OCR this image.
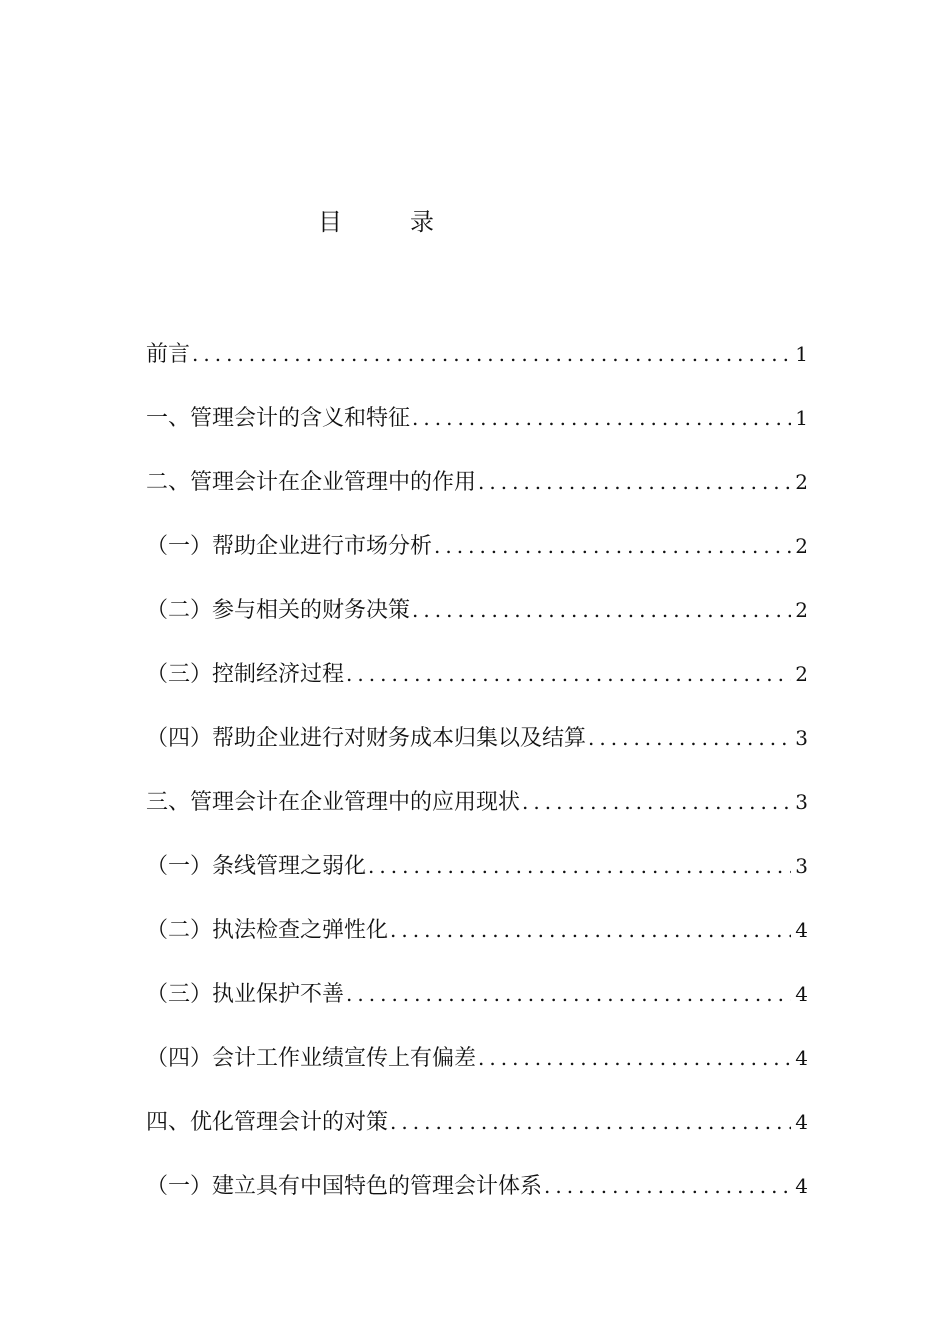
目　录
前言 .....	1
一、管理会计的含义和特征 .....	1
二、管理会计在企业管理中的作用 .....	2
（一）帮助企业进行市场分析 .....	2
（二）参与相关的财务决策 .....	2
（三）控制经济过程 .....	2
（四）帮助企业进行对财务成本归集以及结算 .....	3
三、管理会计在企业管理中的应用现状 .....	3
（一）条线管理之弱化 .....	3
（二）执法检查之弹性化 .....	4
（三）执业保护不善 .....	4
（四）会计工作业绩宣传上有偏差 .....	4
四、优化管理会计的对策 .....	4
（一）建立具有中国特色的管理会计体系 .....	4
